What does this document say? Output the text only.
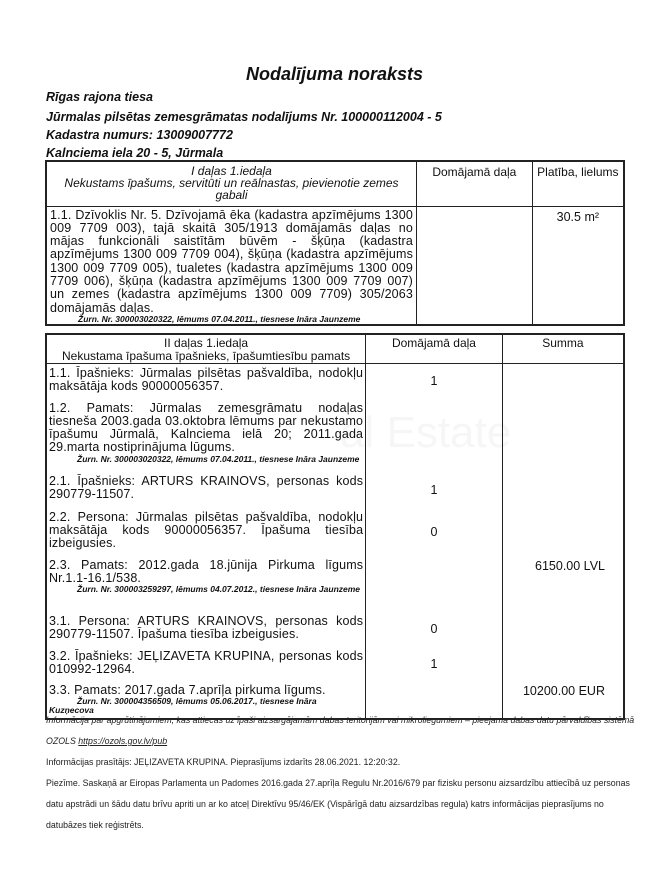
Nodalījuma noraksts
Rīgas rajona tiesa
Jūrmalas pilsētas zemesgrāmatas nodalījums Nr. 100000112004 - 5
Kadastra numurs: 13009007772
Kalnciema iela 20 - 5, Jūrmala
I daļas 1.iedaļa
Nekustams īpašums, servitūti un reālnastas, pievienotie zemes gabali	Domājamā daļa	Platība, lielums

1.1. Dzīvoklis Nr. 5. Dzīvojamā ēka (kadastra apzīmējums 1300 009 7709 003), tajā skaitā 305/1913 domājamās daļas no mājas funkcionāli saistītām būvēm - šķūņa (kadastra apzīmējums 1300 009 7709 004), šķūņa (kadastra apzīmējums 1300 009 7709 005), tualetes (kadastra apzīmējums 1300 009 7709 006), šķūņa (kadastra apzīmējums 1300 009 7709 007) un zemes (kadastra apzīmējums 1300 009 7709) 305/2063 domājamās daļas.
Žurn. Nr. 300003020322, lēmums 07.04.2011., tiesnese Ināra Jaunzeme		30.5 m²
II daļas 1.iedaļa
Nekustama īpašuma īpašnieks, īpašumtiesību pamats	Domājamā daļa	Summa

1.1. Īpašnieks: Jūrmalas pilsētas pašvaldība, nodokļu maksātāja kods 90000056357.	1	

1.2. Pamats: Jūrmalas zemesgrāmatu nodaļas tiesneša 2003.gada 03.oktobra lēmums par nekustamo īpašumu Jūrmalā, Kalnciema ielā 20; 2011.gada 29.marta nostiprinājuma lūgums.
Žurn. Nr. 300003020322, lēmums 07.04.2011., tiesnese Ināra Jaunzeme		

2.1. Īpašnieks: ARTURS KRAINOVS, personas kods 290779-11507.	1	

2.2. Persona: Jūrmalas pilsētas pašvaldība, nodokļu maksātāja kods 90000056357. Īpašuma tiesība izbeigusies.	0	

2.3. Pamats: 2012.gada 18.jūnija Pirkuma līgums Nr.1.1-16.1/538.
Žurn. Nr. 300003259297, lēmums 04.07.2012., tiesnese Ināra Jaunzeme		6150.00 LVL

3.1. Persona: ARTURS KRAINOVS, personas kods 290779-11507. Īpašuma tiesība izbeigusies.	0	

3.2. Īpašnieks: JEĻIZAVETA KRUPINA, personas kods 010992-12964.	1	

3.3. Pamats: 2017.gada 7.aprīļa pirkuma līgums.
Žurn. Nr. 300004356509, lēmums 05.06.2017., tiesnese Ināra Kuzņecova		10200.00 EUR
Informācija par apgrūtinājumiem, kas attiecas uz īpaši aizsargājamām dabas teritorijām vai mikroliegumiem – pieejama dabas datu pārvaldības sistēmā OZOLS https://ozols.gov.lv/pub
Informācijas prasītājs: JEĻIZAVETA KRUPINA. Pieprasījums izdarīts 28.06.2021. 12:20:32.
Piezīme. Saskaņā ar Eiropas Parlamenta un Padomes 2016.gada 27.aprīļa Regulu Nr.2016/679 par fizisku personu aizsardzību attiecībā uz personas datu apstrādi un šādu datu brīvu apriti un ar ko atceļ Direktīvu 95/46/EK (Vispārīgā datu aizsardzības regula) katrs informācijas pieprasījums no datubāzes tiek reģistrēts.
